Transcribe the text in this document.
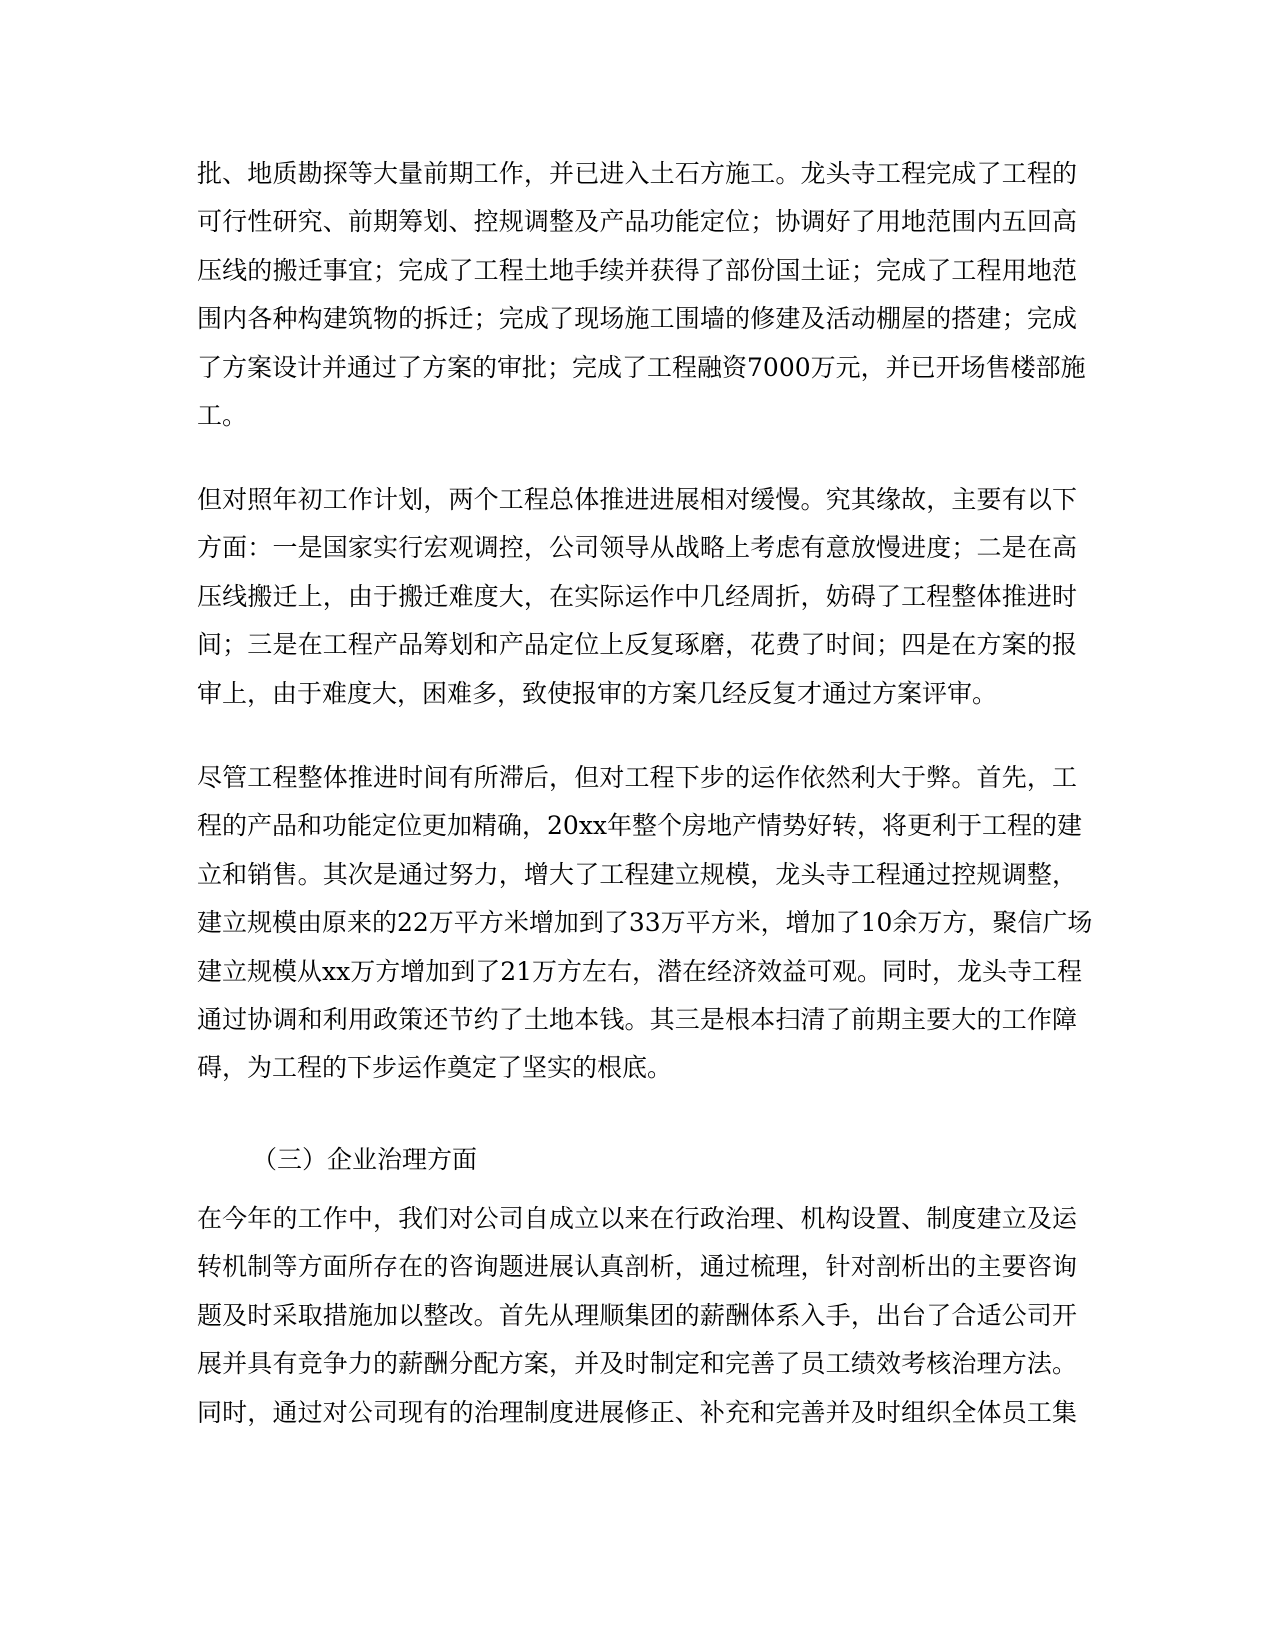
批、地质勘探等大量前期工作，并已进入土石方施工。龙头寺工程完成了工程的
可行性研究、前期筹划、控规调整及产品功能定位；协调好了用地范围内五回高
压线的搬迁事宜；完成了工程土地手续并获得了部份国土证；完成了工程用地范
围内各种构建筑物的拆迁；完成了现场施工围墙的修建及活动棚屋的搭建；完成
了方案设计并通过了方案的审批；完成了工程融资7000万元，并已开场售楼部施
工。
但对照年初工作计划，两个工程总体推进进展相对缓慢。究其缘故，主要有以下
方面：一是国家实行宏观调控，公司领导从战略上考虑有意放慢进度；二是在高
压线搬迁上，由于搬迁难度大，在实际运作中几经周折，妨碍了工程整体推进时
间；三是在工程产品筹划和产品定位上反复琢磨，花费了时间；四是在方案的报
审上，由于难度大，困难多，致使报审的方案几经反复才通过方案评审。
尽管工程整体推进时间有所滞后，但对工程下步的运作依然利大于弊。首先，工
程的产品和功能定位更加精确，20xx年整个房地产情势好转，将更利于工程的建
立和销售。其次是通过努力，增大了工程建立规模，龙头寺工程通过控规调整，
建立规模由原来的22万平方米增加到了33万平方米，增加了10余万方，聚信广场
建立规模从xx万方增加到了21万方左右，潜在经济效益可观。同时，龙头寺工程
通过协调和利用政策还节约了土地本钱。其三是根本扫清了前期主要大的工作障
碍，为工程的下步运作奠定了坚实的根底。
（三）企业治理方面
在今年的工作中，我们对公司自成立以来在行政治理、机构设置、制度建立及运
转机制等方面所存在的咨询题进展认真剖析，通过梳理，针对剖析出的主要咨询
题及时采取措施加以整改。首先从理顺集团的薪酬体系入手，出台了合适公司开
展并具有竞争力的薪酬分配方案，并及时制定和完善了员工绩效考核治理方法。
同时，通过对公司现有的治理制度进展修正、补充和完善并及时组织全体员工集
